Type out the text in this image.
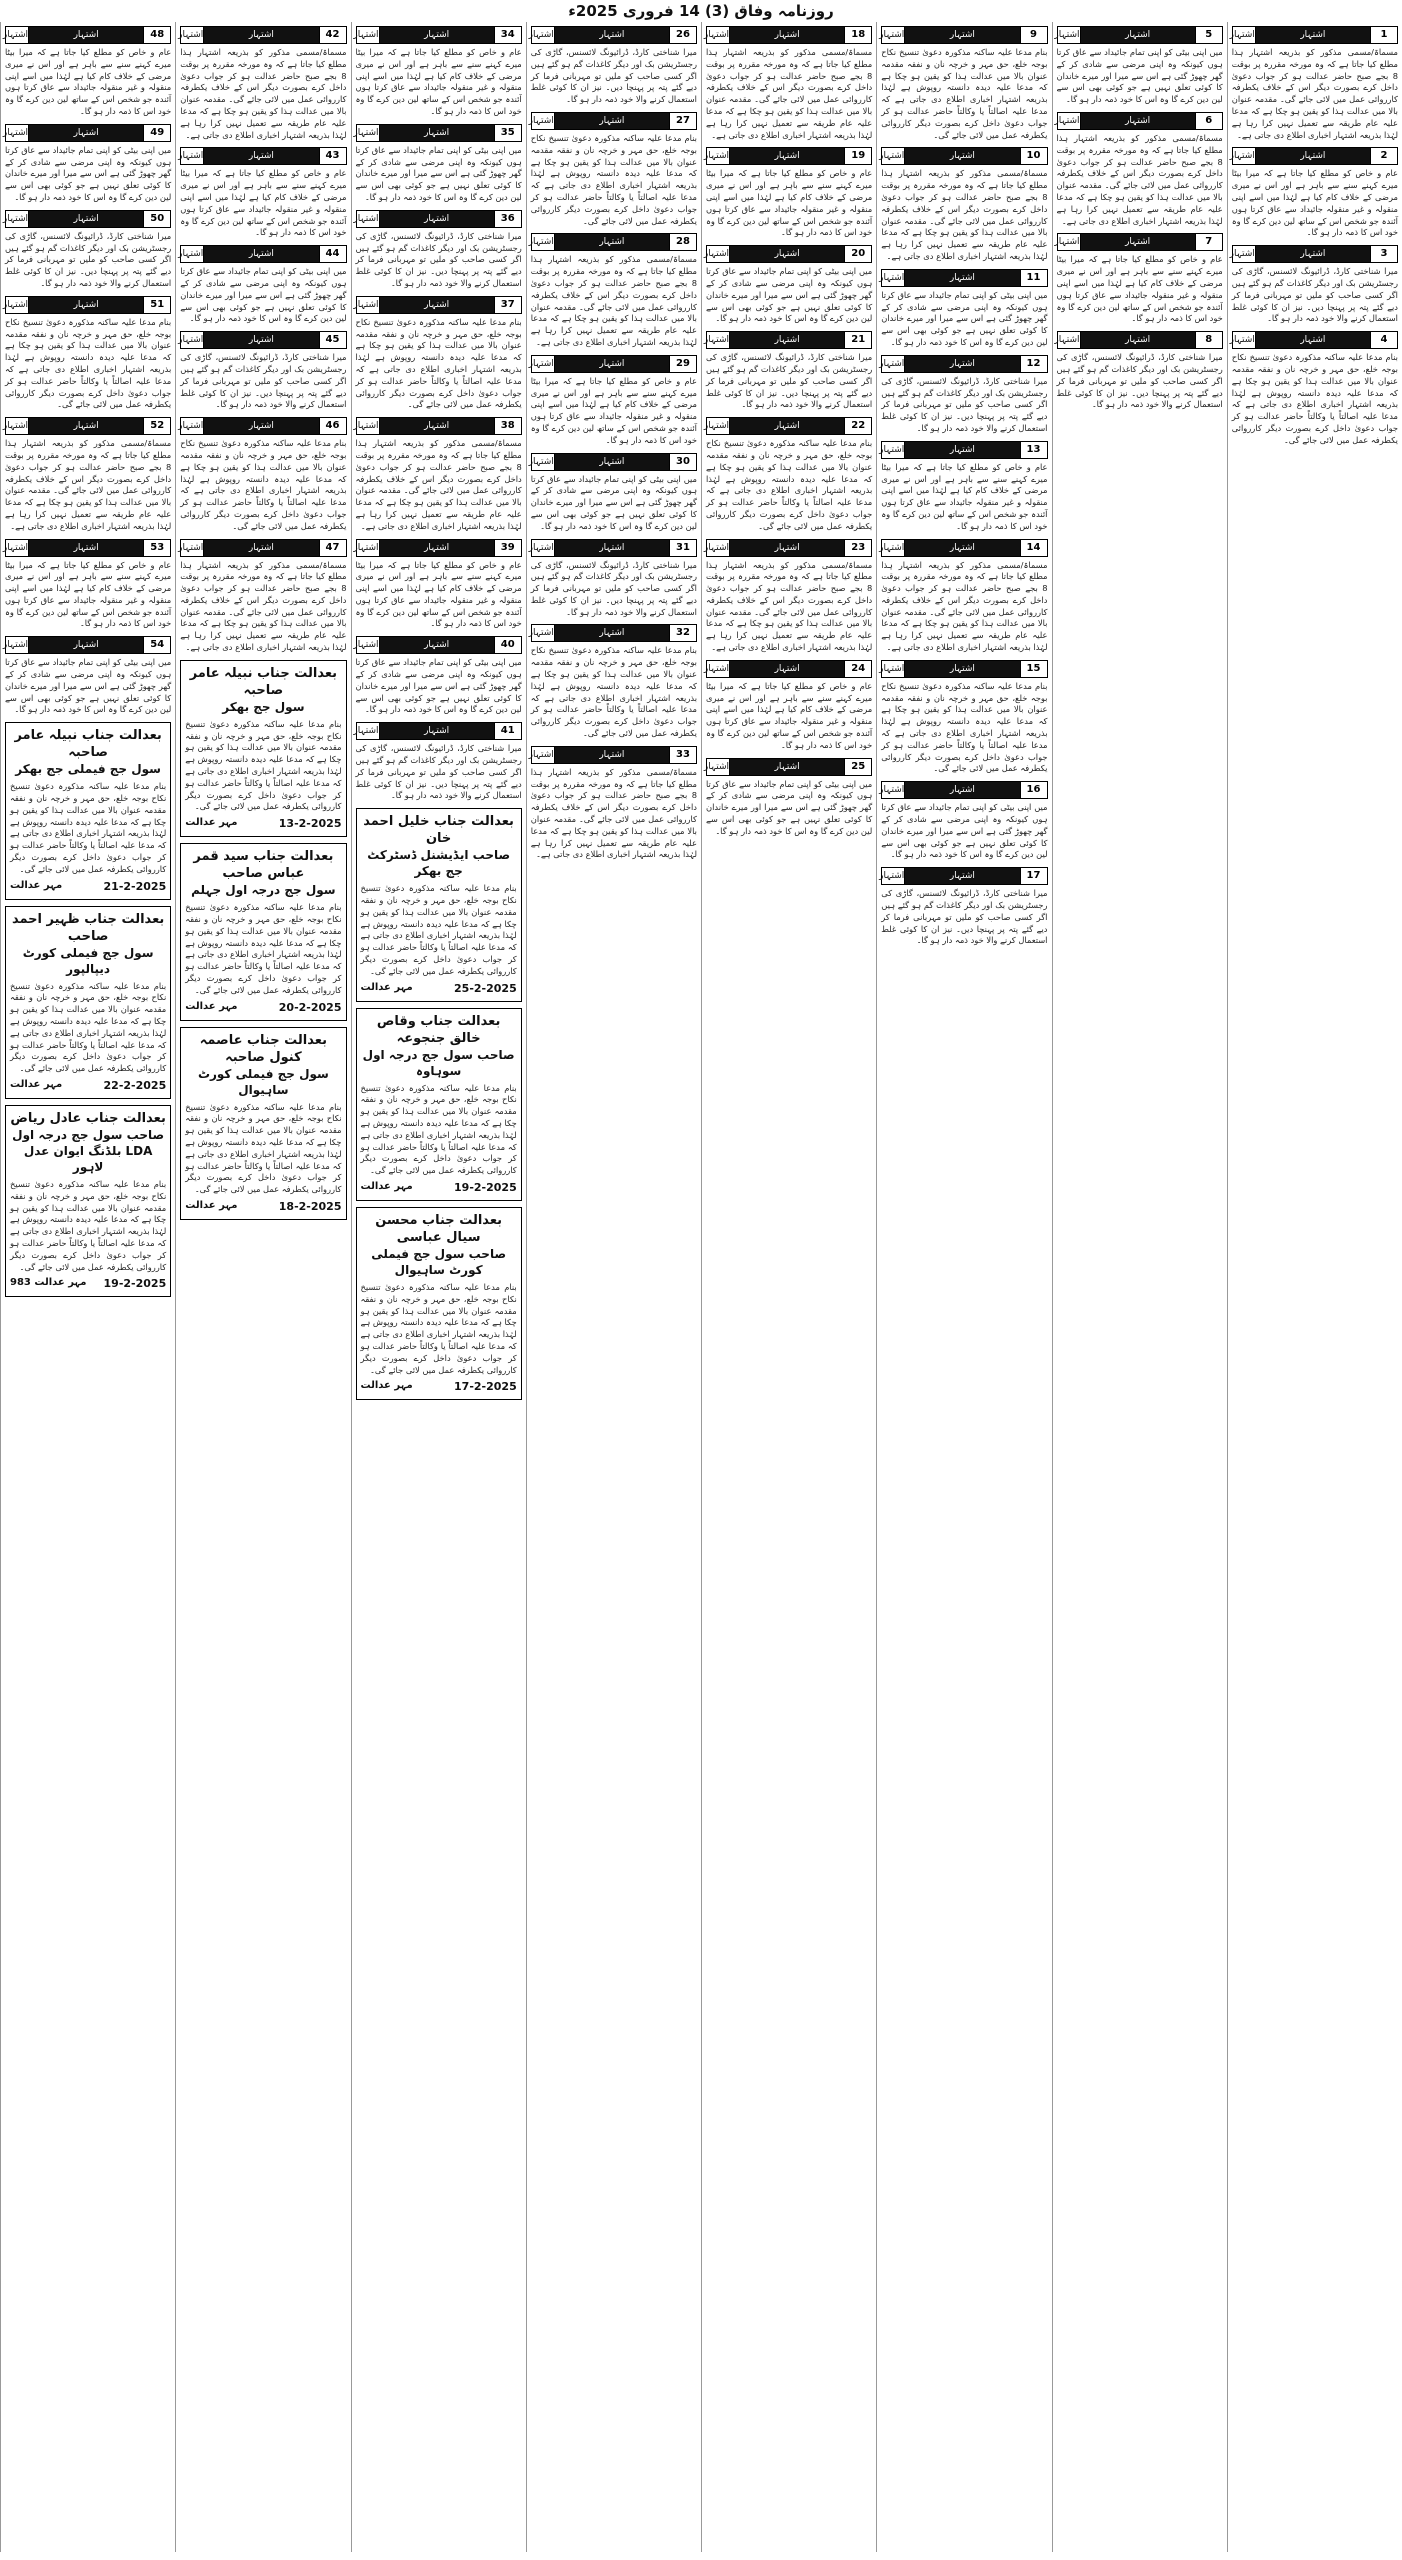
روزنامہ وفاق (3) 14 فروری 2025ء
1
اشتہار
اشتہار
مسماۃ/مسمی مذکور کو بذریعہ اشتہار ہذا مطلع کیا جاتا ہے کہ وہ مورخہ مقررہ پر بوقت 8 بجے صبح حاضر عدالت ہو کر جواب دعویٰ داخل کرے بصورت دیگر اس کے خلاف یکطرفہ کارروائی عمل میں لائی جائے گی۔ مقدمہ عنوان بالا میں عدالت ہذا کو یقین ہو چکا ہے کہ مدعا علیہ عام طریقہ سے تعمیل نہیں کرا رہا ہے لہٰذا بذریعہ اشتہار اخباری اطلاع دی جاتی ہے۔
2
اشتہار
اشتہار
عام و خاص کو مطلع کیا جاتا ہے کہ میرا بیٹا میرے کہنے سنے سے باہر ہے اور اس نے میری مرضی کے خلاف کام کیا ہے لہٰذا میں اسے اپنی منقولہ و غیر منقولہ جائیداد سے عاق کرتا ہوں آئندہ جو شخص اس کے ساتھ لین دین کرے گا وہ خود اس کا ذمہ دار ہو گا۔
3
اشتہار
اشتہار
میرا شناختی کارڈ، ڈرائیونگ لائسنس، گاڑی کی رجسٹریشن بک اور دیگر کاغذات گم ہو گئے ہیں اگر کسی صاحب کو ملیں تو مہربانی فرما کر دیے گئے پتہ پر پہنچا دیں۔ نیز ان کا کوئی غلط استعمال کرنے والا خود ذمہ دار ہو گا۔
4
اشتہار
اشتہار
بنام مدعا علیہ ساکنہ مذکورہ دعویٰ تنسیخ نکاح بوجہ خلع، حق مہر و خرچہ نان و نفقہ مقدمہ عنوان بالا میں عدالت ہذا کو یقین ہو چکا ہے کہ مدعا علیہ دیدہ دانستہ روپوش ہے لہٰذا بذریعہ اشتہار اخباری اطلاع دی جاتی ہے کہ مدعا علیہ اصالتاً یا وکالتاً حاضر عدالت ہو کر جواب دعویٰ داخل کرے بصورت دیگر کارروائی یکطرفہ عمل میں لائی جائے گی۔
5
اشتہار
اشتہار
میں اپنی بیٹی کو اپنی تمام جائیداد سے عاق کرتا ہوں کیونکہ وہ اپنی مرضی سے شادی کر کے گھر چھوڑ گئی ہے اس سے میرا اور میرے خاندان کا کوئی تعلق نہیں ہے جو کوئی بھی اس سے لین دین کرے گا وہ اس کا خود ذمہ دار ہو گا۔
6
اشتہار
اشتہار
مسماۃ/مسمی مذکور کو بذریعہ اشتہار ہذا مطلع کیا جاتا ہے کہ وہ مورخہ مقررہ پر بوقت 8 بجے صبح حاضر عدالت ہو کر جواب دعویٰ داخل کرے بصورت دیگر اس کے خلاف یکطرفہ کارروائی عمل میں لائی جائے گی۔ مقدمہ عنوان بالا میں عدالت ہذا کو یقین ہو چکا ہے کہ مدعا علیہ عام طریقہ سے تعمیل نہیں کرا رہا ہے لہٰذا بذریعہ اشتہار اخباری اطلاع دی جاتی ہے۔
7
اشتہار
اشتہار
عام و خاص کو مطلع کیا جاتا ہے کہ میرا بیٹا میرے کہنے سنے سے باہر ہے اور اس نے میری مرضی کے خلاف کام کیا ہے لہٰذا میں اسے اپنی منقولہ و غیر منقولہ جائیداد سے عاق کرتا ہوں آئندہ جو شخص اس کے ساتھ لین دین کرے گا وہ خود اس کا ذمہ دار ہو گا۔
8
اشتہار
اشتہار
میرا شناختی کارڈ، ڈرائیونگ لائسنس، گاڑی کی رجسٹریشن بک اور دیگر کاغذات گم ہو گئے ہیں اگر کسی صاحب کو ملیں تو مہربانی فرما کر دیے گئے پتہ پر پہنچا دیں۔ نیز ان کا کوئی غلط استعمال کرنے والا خود ذمہ دار ہو گا۔
9
اشتہار
اشتہار
بنام مدعا علیہ ساکنہ مذکورہ دعویٰ تنسیخ نکاح بوجہ خلع، حق مہر و خرچہ نان و نفقہ مقدمہ عنوان بالا میں عدالت ہذا کو یقین ہو چکا ہے کہ مدعا علیہ دیدہ دانستہ روپوش ہے لہٰذا بذریعہ اشتہار اخباری اطلاع دی جاتی ہے کہ مدعا علیہ اصالتاً یا وکالتاً حاضر عدالت ہو کر جواب دعویٰ داخل کرے بصورت دیگر کارروائی یکطرفہ عمل میں لائی جائے گی۔
10
اشتہار
اشتہار
مسماۃ/مسمی مذکور کو بذریعہ اشتہار ہذا مطلع کیا جاتا ہے کہ وہ مورخہ مقررہ پر بوقت 8 بجے صبح حاضر عدالت ہو کر جواب دعویٰ داخل کرے بصورت دیگر اس کے خلاف یکطرفہ کارروائی عمل میں لائی جائے گی۔ مقدمہ عنوان بالا میں عدالت ہذا کو یقین ہو چکا ہے کہ مدعا علیہ عام طریقہ سے تعمیل نہیں کرا رہا ہے لہٰذا بذریعہ اشتہار اخباری اطلاع دی جاتی ہے۔
11
اشتہار
اشتہار
میں اپنی بیٹی کو اپنی تمام جائیداد سے عاق کرتا ہوں کیونکہ وہ اپنی مرضی سے شادی کر کے گھر چھوڑ گئی ہے اس سے میرا اور میرے خاندان کا کوئی تعلق نہیں ہے جو کوئی بھی اس سے لین دین کرے گا وہ اس کا خود ذمہ دار ہو گا۔
12
اشتہار
اشتہار
میرا شناختی کارڈ، ڈرائیونگ لائسنس، گاڑی کی رجسٹریشن بک اور دیگر کاغذات گم ہو گئے ہیں اگر کسی صاحب کو ملیں تو مہربانی فرما کر دیے گئے پتہ پر پہنچا دیں۔ نیز ان کا کوئی غلط استعمال کرنے والا خود ذمہ دار ہو گا۔
13
اشتہار
اشتہار
عام و خاص کو مطلع کیا جاتا ہے کہ میرا بیٹا میرے کہنے سنے سے باہر ہے اور اس نے میری مرضی کے خلاف کام کیا ہے لہٰذا میں اسے اپنی منقولہ و غیر منقولہ جائیداد سے عاق کرتا ہوں آئندہ جو شخص اس کے ساتھ لین دین کرے گا وہ خود اس کا ذمہ دار ہو گا۔
14
اشتہار
اشتہار
مسماۃ/مسمی مذکور کو بذریعہ اشتہار ہذا مطلع کیا جاتا ہے کہ وہ مورخہ مقررہ پر بوقت 8 بجے صبح حاضر عدالت ہو کر جواب دعویٰ داخل کرے بصورت دیگر اس کے خلاف یکطرفہ کارروائی عمل میں لائی جائے گی۔ مقدمہ عنوان بالا میں عدالت ہذا کو یقین ہو چکا ہے کہ مدعا علیہ عام طریقہ سے تعمیل نہیں کرا رہا ہے لہٰذا بذریعہ اشتہار اخباری اطلاع دی جاتی ہے۔
15
اشتہار
اشتہار
بنام مدعا علیہ ساکنہ مذکورہ دعویٰ تنسیخ نکاح بوجہ خلع، حق مہر و خرچہ نان و نفقہ مقدمہ عنوان بالا میں عدالت ہذا کو یقین ہو چکا ہے کہ مدعا علیہ دیدہ دانستہ روپوش ہے لہٰذا بذریعہ اشتہار اخباری اطلاع دی جاتی ہے کہ مدعا علیہ اصالتاً یا وکالتاً حاضر عدالت ہو کر جواب دعویٰ داخل کرے بصورت دیگر کارروائی یکطرفہ عمل میں لائی جائے گی۔
16
اشتہار
اشتہار
میں اپنی بیٹی کو اپنی تمام جائیداد سے عاق کرتا ہوں کیونکہ وہ اپنی مرضی سے شادی کر کے گھر چھوڑ گئی ہے اس سے میرا اور میرے خاندان کا کوئی تعلق نہیں ہے جو کوئی بھی اس سے لین دین کرے گا وہ اس کا خود ذمہ دار ہو گا۔
17
اشتہار
اشتہار
میرا شناختی کارڈ، ڈرائیونگ لائسنس، گاڑی کی رجسٹریشن بک اور دیگر کاغذات گم ہو گئے ہیں اگر کسی صاحب کو ملیں تو مہربانی فرما کر دیے گئے پتہ پر پہنچا دیں۔ نیز ان کا کوئی غلط استعمال کرنے والا خود ذمہ دار ہو گا۔
18
اشتہار
اشتہار
مسماۃ/مسمی مذکور کو بذریعہ اشتہار ہذا مطلع کیا جاتا ہے کہ وہ مورخہ مقررہ پر بوقت 8 بجے صبح حاضر عدالت ہو کر جواب دعویٰ داخل کرے بصورت دیگر اس کے خلاف یکطرفہ کارروائی عمل میں لائی جائے گی۔ مقدمہ عنوان بالا میں عدالت ہذا کو یقین ہو چکا ہے کہ مدعا علیہ عام طریقہ سے تعمیل نہیں کرا رہا ہے لہٰذا بذریعہ اشتہار اخباری اطلاع دی جاتی ہے۔
19
اشتہار
اشتہار
عام و خاص کو مطلع کیا جاتا ہے کہ میرا بیٹا میرے کہنے سنے سے باہر ہے اور اس نے میری مرضی کے خلاف کام کیا ہے لہٰذا میں اسے اپنی منقولہ و غیر منقولہ جائیداد سے عاق کرتا ہوں آئندہ جو شخص اس کے ساتھ لین دین کرے گا وہ خود اس کا ذمہ دار ہو گا۔
20
اشتہار
اشتہار
میں اپنی بیٹی کو اپنی تمام جائیداد سے عاق کرتا ہوں کیونکہ وہ اپنی مرضی سے شادی کر کے گھر چھوڑ گئی ہے اس سے میرا اور میرے خاندان کا کوئی تعلق نہیں ہے جو کوئی بھی اس سے لین دین کرے گا وہ اس کا خود ذمہ دار ہو گا۔
21
اشتہار
اشتہار
میرا شناختی کارڈ، ڈرائیونگ لائسنس، گاڑی کی رجسٹریشن بک اور دیگر کاغذات گم ہو گئے ہیں اگر کسی صاحب کو ملیں تو مہربانی فرما کر دیے گئے پتہ پر پہنچا دیں۔ نیز ان کا کوئی غلط استعمال کرنے والا خود ذمہ دار ہو گا۔
22
اشتہار
اشتہار
بنام مدعا علیہ ساکنہ مذکورہ دعویٰ تنسیخ نکاح بوجہ خلع، حق مہر و خرچہ نان و نفقہ مقدمہ عنوان بالا میں عدالت ہذا کو یقین ہو چکا ہے کہ مدعا علیہ دیدہ دانستہ روپوش ہے لہٰذا بذریعہ اشتہار اخباری اطلاع دی جاتی ہے کہ مدعا علیہ اصالتاً یا وکالتاً حاضر عدالت ہو کر جواب دعویٰ داخل کرے بصورت دیگر کارروائی یکطرفہ عمل میں لائی جائے گی۔
23
اشتہار
اشتہار
مسماۃ/مسمی مذکور کو بذریعہ اشتہار ہذا مطلع کیا جاتا ہے کہ وہ مورخہ مقررہ پر بوقت 8 بجے صبح حاضر عدالت ہو کر جواب دعویٰ داخل کرے بصورت دیگر اس کے خلاف یکطرفہ کارروائی عمل میں لائی جائے گی۔ مقدمہ عنوان بالا میں عدالت ہذا کو یقین ہو چکا ہے کہ مدعا علیہ عام طریقہ سے تعمیل نہیں کرا رہا ہے لہٰذا بذریعہ اشتہار اخباری اطلاع دی جاتی ہے۔
24
اشتہار
اشتہار
عام و خاص کو مطلع کیا جاتا ہے کہ میرا بیٹا میرے کہنے سنے سے باہر ہے اور اس نے میری مرضی کے خلاف کام کیا ہے لہٰذا میں اسے اپنی منقولہ و غیر منقولہ جائیداد سے عاق کرتا ہوں آئندہ جو شخص اس کے ساتھ لین دین کرے گا وہ خود اس کا ذمہ دار ہو گا۔
25
اشتہار
اشتہار
میں اپنی بیٹی کو اپنی تمام جائیداد سے عاق کرتا ہوں کیونکہ وہ اپنی مرضی سے شادی کر کے گھر چھوڑ گئی ہے اس سے میرا اور میرے خاندان کا کوئی تعلق نہیں ہے جو کوئی بھی اس سے لین دین کرے گا وہ اس کا خود ذمہ دار ہو گا۔
26
اشتہار
اشتہار
میرا شناختی کارڈ، ڈرائیونگ لائسنس، گاڑی کی رجسٹریشن بک اور دیگر کاغذات گم ہو گئے ہیں اگر کسی صاحب کو ملیں تو مہربانی فرما کر دیے گئے پتہ پر پہنچا دیں۔ نیز ان کا کوئی غلط استعمال کرنے والا خود ذمہ دار ہو گا۔
27
اشتہار
اشتہار
بنام مدعا علیہ ساکنہ مذکورہ دعویٰ تنسیخ نکاح بوجہ خلع، حق مہر و خرچہ نان و نفقہ مقدمہ عنوان بالا میں عدالت ہذا کو یقین ہو چکا ہے کہ مدعا علیہ دیدہ دانستہ روپوش ہے لہٰذا بذریعہ اشتہار اخباری اطلاع دی جاتی ہے کہ مدعا علیہ اصالتاً یا وکالتاً حاضر عدالت ہو کر جواب دعویٰ داخل کرے بصورت دیگر کارروائی یکطرفہ عمل میں لائی جائے گی۔
28
اشتہار
اشتہار
مسماۃ/مسمی مذکور کو بذریعہ اشتہار ہذا مطلع کیا جاتا ہے کہ وہ مورخہ مقررہ پر بوقت 8 بجے صبح حاضر عدالت ہو کر جواب دعویٰ داخل کرے بصورت دیگر اس کے خلاف یکطرفہ کارروائی عمل میں لائی جائے گی۔ مقدمہ عنوان بالا میں عدالت ہذا کو یقین ہو چکا ہے کہ مدعا علیہ عام طریقہ سے تعمیل نہیں کرا رہا ہے لہٰذا بذریعہ اشتہار اخباری اطلاع دی جاتی ہے۔
29
اشتہار
اشتہار
عام و خاص کو مطلع کیا جاتا ہے کہ میرا بیٹا میرے کہنے سنے سے باہر ہے اور اس نے میری مرضی کے خلاف کام کیا ہے لہٰذا میں اسے اپنی منقولہ و غیر منقولہ جائیداد سے عاق کرتا ہوں آئندہ جو شخص اس کے ساتھ لین دین کرے گا وہ خود اس کا ذمہ دار ہو گا۔
30
اشتہار
اشتہار
میں اپنی بیٹی کو اپنی تمام جائیداد سے عاق کرتا ہوں کیونکہ وہ اپنی مرضی سے شادی کر کے گھر چھوڑ گئی ہے اس سے میرا اور میرے خاندان کا کوئی تعلق نہیں ہے جو کوئی بھی اس سے لین دین کرے گا وہ اس کا خود ذمہ دار ہو گا۔
31
اشتہار
اشتہار
میرا شناختی کارڈ، ڈرائیونگ لائسنس، گاڑی کی رجسٹریشن بک اور دیگر کاغذات گم ہو گئے ہیں اگر کسی صاحب کو ملیں تو مہربانی فرما کر دیے گئے پتہ پر پہنچا دیں۔ نیز ان کا کوئی غلط استعمال کرنے والا خود ذمہ دار ہو گا۔
32
اشتہار
اشتہار
بنام مدعا علیہ ساکنہ مذکورہ دعویٰ تنسیخ نکاح بوجہ خلع، حق مہر و خرچہ نان و نفقہ مقدمہ عنوان بالا میں عدالت ہذا کو یقین ہو چکا ہے کہ مدعا علیہ دیدہ دانستہ روپوش ہے لہٰذا بذریعہ اشتہار اخباری اطلاع دی جاتی ہے کہ مدعا علیہ اصالتاً یا وکالتاً حاضر عدالت ہو کر جواب دعویٰ داخل کرے بصورت دیگر کارروائی یکطرفہ عمل میں لائی جائے گی۔
33
اشتہار
اشتہار
مسماۃ/مسمی مذکور کو بذریعہ اشتہار ہذا مطلع کیا جاتا ہے کہ وہ مورخہ مقررہ پر بوقت 8 بجے صبح حاضر عدالت ہو کر جواب دعویٰ داخل کرے بصورت دیگر اس کے خلاف یکطرفہ کارروائی عمل میں لائی جائے گی۔ مقدمہ عنوان بالا میں عدالت ہذا کو یقین ہو چکا ہے کہ مدعا علیہ عام طریقہ سے تعمیل نہیں کرا رہا ہے لہٰذا بذریعہ اشتہار اخباری اطلاع دی جاتی ہے۔
34
اشتہار
اشتہار
عام و خاص کو مطلع کیا جاتا ہے کہ میرا بیٹا میرے کہنے سنے سے باہر ہے اور اس نے میری مرضی کے خلاف کام کیا ہے لہٰذا میں اسے اپنی منقولہ و غیر منقولہ جائیداد سے عاق کرتا ہوں آئندہ جو شخص اس کے ساتھ لین دین کرے گا وہ خود اس کا ذمہ دار ہو گا۔
35
اشتہار
اشتہار
میں اپنی بیٹی کو اپنی تمام جائیداد سے عاق کرتا ہوں کیونکہ وہ اپنی مرضی سے شادی کر کے گھر چھوڑ گئی ہے اس سے میرا اور میرے خاندان کا کوئی تعلق نہیں ہے جو کوئی بھی اس سے لین دین کرے گا وہ اس کا خود ذمہ دار ہو گا۔
36
اشتہار
اشتہار
میرا شناختی کارڈ، ڈرائیونگ لائسنس، گاڑی کی رجسٹریشن بک اور دیگر کاغذات گم ہو گئے ہیں اگر کسی صاحب کو ملیں تو مہربانی فرما کر دیے گئے پتہ پر پہنچا دیں۔ نیز ان کا کوئی غلط استعمال کرنے والا خود ذمہ دار ہو گا۔
37
اشتہار
اشتہار
بنام مدعا علیہ ساکنہ مذکورہ دعویٰ تنسیخ نکاح بوجہ خلع، حق مہر و خرچہ نان و نفقہ مقدمہ عنوان بالا میں عدالت ہذا کو یقین ہو چکا ہے کہ مدعا علیہ دیدہ دانستہ روپوش ہے لہٰذا بذریعہ اشتہار اخباری اطلاع دی جاتی ہے کہ مدعا علیہ اصالتاً یا وکالتاً حاضر عدالت ہو کر جواب دعویٰ داخل کرے بصورت دیگر کارروائی یکطرفہ عمل میں لائی جائے گی۔
38
اشتہار
اشتہار
مسماۃ/مسمی مذکور کو بذریعہ اشتہار ہذا مطلع کیا جاتا ہے کہ وہ مورخہ مقررہ پر بوقت 8 بجے صبح حاضر عدالت ہو کر جواب دعویٰ داخل کرے بصورت دیگر اس کے خلاف یکطرفہ کارروائی عمل میں لائی جائے گی۔ مقدمہ عنوان بالا میں عدالت ہذا کو یقین ہو چکا ہے کہ مدعا علیہ عام طریقہ سے تعمیل نہیں کرا رہا ہے لہٰذا بذریعہ اشتہار اخباری اطلاع دی جاتی ہے۔
39
اشتہار
اشتہار
عام و خاص کو مطلع کیا جاتا ہے کہ میرا بیٹا میرے کہنے سنے سے باہر ہے اور اس نے میری مرضی کے خلاف کام کیا ہے لہٰذا میں اسے اپنی منقولہ و غیر منقولہ جائیداد سے عاق کرتا ہوں آئندہ جو شخص اس کے ساتھ لین دین کرے گا وہ خود اس کا ذمہ دار ہو گا۔
40
اشتہار
اشتہار
میں اپنی بیٹی کو اپنی تمام جائیداد سے عاق کرتا ہوں کیونکہ وہ اپنی مرضی سے شادی کر کے گھر چھوڑ گئی ہے اس سے میرا اور میرے خاندان کا کوئی تعلق نہیں ہے جو کوئی بھی اس سے لین دین کرے گا وہ اس کا خود ذمہ دار ہو گا۔
41
اشتہار
اشتہار
میرا شناختی کارڈ، ڈرائیونگ لائسنس، گاڑی کی رجسٹریشن بک اور دیگر کاغذات گم ہو گئے ہیں اگر کسی صاحب کو ملیں تو مہربانی فرما کر دیے گئے پتہ پر پہنچا دیں۔ نیز ان کا کوئی غلط استعمال کرنے والا خود ذمہ دار ہو گا۔
بعدالت جناب خلیل احمد خان
صاحب ایڈیشنل ڈسٹرکٹ جج بھکر
بنام مدعا علیہ ساکنہ مذکورہ دعویٰ تنسیخ نکاح بوجہ خلع، حق مہر و خرچہ نان و نفقہ مقدمہ عنوان بالا میں عدالت ہذا کو یقین ہو چکا ہے کہ مدعا علیہ دیدہ دانستہ روپوش ہے لہٰذا بذریعہ اشتہار اخباری اطلاع دی جاتی ہے کہ مدعا علیہ اصالتاً یا وکالتاً حاضر عدالت ہو کر جواب دعویٰ داخل کرے بصورت دیگر کارروائی یکطرفہ عمل میں لائی جائے گی۔
25-2-2025
مہر عدالت
بعدالت جناب وقاص خالق جنجوعہ
صاحب سول جج درجہ اول سوہاوہ
بنام مدعا علیہ ساکنہ مذکورہ دعویٰ تنسیخ نکاح بوجہ خلع، حق مہر و خرچہ نان و نفقہ مقدمہ عنوان بالا میں عدالت ہذا کو یقین ہو چکا ہے کہ مدعا علیہ دیدہ دانستہ روپوش ہے لہٰذا بذریعہ اشتہار اخباری اطلاع دی جاتی ہے کہ مدعا علیہ اصالتاً یا وکالتاً حاضر عدالت ہو کر جواب دعویٰ داخل کرے بصورت دیگر کارروائی یکطرفہ عمل میں لائی جائے گی۔
19-2-2025
مہر عدالت
بعدالت جناب محسن سیال عباسی
صاحب سول جج فیملی کورٹ ساہیوال
بنام مدعا علیہ ساکنہ مذکورہ دعویٰ تنسیخ نکاح بوجہ خلع، حق مہر و خرچہ نان و نفقہ مقدمہ عنوان بالا میں عدالت ہذا کو یقین ہو چکا ہے کہ مدعا علیہ دیدہ دانستہ روپوش ہے لہٰذا بذریعہ اشتہار اخباری اطلاع دی جاتی ہے کہ مدعا علیہ اصالتاً یا وکالتاً حاضر عدالت ہو کر جواب دعویٰ داخل کرے بصورت دیگر کارروائی یکطرفہ عمل میں لائی جائے گی۔
17-2-2025
مہر عدالت
42
اشتہار
اشتہار
مسماۃ/مسمی مذکور کو بذریعہ اشتہار ہذا مطلع کیا جاتا ہے کہ وہ مورخہ مقررہ پر بوقت 8 بجے صبح حاضر عدالت ہو کر جواب دعویٰ داخل کرے بصورت دیگر اس کے خلاف یکطرفہ کارروائی عمل میں لائی جائے گی۔ مقدمہ عنوان بالا میں عدالت ہذا کو یقین ہو چکا ہے کہ مدعا علیہ عام طریقہ سے تعمیل نہیں کرا رہا ہے لہٰذا بذریعہ اشتہار اخباری اطلاع دی جاتی ہے۔
43
اشتہار
اشتہار
عام و خاص کو مطلع کیا جاتا ہے کہ میرا بیٹا میرے کہنے سنے سے باہر ہے اور اس نے میری مرضی کے خلاف کام کیا ہے لہٰذا میں اسے اپنی منقولہ و غیر منقولہ جائیداد سے عاق کرتا ہوں آئندہ جو شخص اس کے ساتھ لین دین کرے گا وہ خود اس کا ذمہ دار ہو گا۔
44
اشتہار
اشتہار
میں اپنی بیٹی کو اپنی تمام جائیداد سے عاق کرتا ہوں کیونکہ وہ اپنی مرضی سے شادی کر کے گھر چھوڑ گئی ہے اس سے میرا اور میرے خاندان کا کوئی تعلق نہیں ہے جو کوئی بھی اس سے لین دین کرے گا وہ اس کا خود ذمہ دار ہو گا۔
45
اشتہار
اشتہار
میرا شناختی کارڈ، ڈرائیونگ لائسنس، گاڑی کی رجسٹریشن بک اور دیگر کاغذات گم ہو گئے ہیں اگر کسی صاحب کو ملیں تو مہربانی فرما کر دیے گئے پتہ پر پہنچا دیں۔ نیز ان کا کوئی غلط استعمال کرنے والا خود ذمہ دار ہو گا۔
46
اشتہار
اشتہار
بنام مدعا علیہ ساکنہ مذکورہ دعویٰ تنسیخ نکاح بوجہ خلع، حق مہر و خرچہ نان و نفقہ مقدمہ عنوان بالا میں عدالت ہذا کو یقین ہو چکا ہے کہ مدعا علیہ دیدہ دانستہ روپوش ہے لہٰذا بذریعہ اشتہار اخباری اطلاع دی جاتی ہے کہ مدعا علیہ اصالتاً یا وکالتاً حاضر عدالت ہو کر جواب دعویٰ داخل کرے بصورت دیگر کارروائی یکطرفہ عمل میں لائی جائے گی۔
47
اشتہار
اشتہار
مسماۃ/مسمی مذکور کو بذریعہ اشتہار ہذا مطلع کیا جاتا ہے کہ وہ مورخہ مقررہ پر بوقت 8 بجے صبح حاضر عدالت ہو کر جواب دعویٰ داخل کرے بصورت دیگر اس کے خلاف یکطرفہ کارروائی عمل میں لائی جائے گی۔ مقدمہ عنوان بالا میں عدالت ہذا کو یقین ہو چکا ہے کہ مدعا علیہ عام طریقہ سے تعمیل نہیں کرا رہا ہے لہٰذا بذریعہ اشتہار اخباری اطلاع دی جاتی ہے۔
بعدالت جناب نبیلہ عامر صاحبہ
سول جج بھکر
بنام مدعا علیہ ساکنہ مذکورہ دعویٰ تنسیخ نکاح بوجہ خلع، حق مہر و خرچہ نان و نفقہ مقدمہ عنوان بالا میں عدالت ہذا کو یقین ہو چکا ہے کہ مدعا علیہ دیدہ دانستہ روپوش ہے لہٰذا بذریعہ اشتہار اخباری اطلاع دی جاتی ہے کہ مدعا علیہ اصالتاً یا وکالتاً حاضر عدالت ہو کر جواب دعویٰ داخل کرے بصورت دیگر کارروائی یکطرفہ عمل میں لائی جائے گی۔
13-2-2025
مہر عدالت
بعدالت جناب سید قمر عباس صاحب
سول جج درجہ اول جہلم
بنام مدعا علیہ ساکنہ مذکورہ دعویٰ تنسیخ نکاح بوجہ خلع، حق مہر و خرچہ نان و نفقہ مقدمہ عنوان بالا میں عدالت ہذا کو یقین ہو چکا ہے کہ مدعا علیہ دیدہ دانستہ روپوش ہے لہٰذا بذریعہ اشتہار اخباری اطلاع دی جاتی ہے کہ مدعا علیہ اصالتاً یا وکالتاً حاضر عدالت ہو کر جواب دعویٰ داخل کرے بصورت دیگر کارروائی یکطرفہ عمل میں لائی جائے گی۔
20-2-2025
مہر عدالت
بعدالت جناب عاصمہ کنول صاحبہ
سول جج فیملی کورٹ ساہیوال
بنام مدعا علیہ ساکنہ مذکورہ دعویٰ تنسیخ نکاح بوجہ خلع، حق مہر و خرچہ نان و نفقہ مقدمہ عنوان بالا میں عدالت ہذا کو یقین ہو چکا ہے کہ مدعا علیہ دیدہ دانستہ روپوش ہے لہٰذا بذریعہ اشتہار اخباری اطلاع دی جاتی ہے کہ مدعا علیہ اصالتاً یا وکالتاً حاضر عدالت ہو کر جواب دعویٰ داخل کرے بصورت دیگر کارروائی یکطرفہ عمل میں لائی جائے گی۔
18-2-2025
مہر عدالت
48
اشتہار
اشتہار
عام و خاص کو مطلع کیا جاتا ہے کہ میرا بیٹا میرے کہنے سنے سے باہر ہے اور اس نے میری مرضی کے خلاف کام کیا ہے لہٰذا میں اسے اپنی منقولہ و غیر منقولہ جائیداد سے عاق کرتا ہوں آئندہ جو شخص اس کے ساتھ لین دین کرے گا وہ خود اس کا ذمہ دار ہو گا۔
49
اشتہار
اشتہار
میں اپنی بیٹی کو اپنی تمام جائیداد سے عاق کرتا ہوں کیونکہ وہ اپنی مرضی سے شادی کر کے گھر چھوڑ گئی ہے اس سے میرا اور میرے خاندان کا کوئی تعلق نہیں ہے جو کوئی بھی اس سے لین دین کرے گا وہ اس کا خود ذمہ دار ہو گا۔
50
اشتہار
اشتہار
میرا شناختی کارڈ، ڈرائیونگ لائسنس، گاڑی کی رجسٹریشن بک اور دیگر کاغذات گم ہو گئے ہیں اگر کسی صاحب کو ملیں تو مہربانی فرما کر دیے گئے پتہ پر پہنچا دیں۔ نیز ان کا کوئی غلط استعمال کرنے والا خود ذمہ دار ہو گا۔
51
اشتہار
اشتہار
بنام مدعا علیہ ساکنہ مذکورہ دعویٰ تنسیخ نکاح بوجہ خلع، حق مہر و خرچہ نان و نفقہ مقدمہ عنوان بالا میں عدالت ہذا کو یقین ہو چکا ہے کہ مدعا علیہ دیدہ دانستہ روپوش ہے لہٰذا بذریعہ اشتہار اخباری اطلاع دی جاتی ہے کہ مدعا علیہ اصالتاً یا وکالتاً حاضر عدالت ہو کر جواب دعویٰ داخل کرے بصورت دیگر کارروائی یکطرفہ عمل میں لائی جائے گی۔
52
اشتہار
اشتہار
مسماۃ/مسمی مذکور کو بذریعہ اشتہار ہذا مطلع کیا جاتا ہے کہ وہ مورخہ مقررہ پر بوقت 8 بجے صبح حاضر عدالت ہو کر جواب دعویٰ داخل کرے بصورت دیگر اس کے خلاف یکطرفہ کارروائی عمل میں لائی جائے گی۔ مقدمہ عنوان بالا میں عدالت ہذا کو یقین ہو چکا ہے کہ مدعا علیہ عام طریقہ سے تعمیل نہیں کرا رہا ہے لہٰذا بذریعہ اشتہار اخباری اطلاع دی جاتی ہے۔
53
اشتہار
اشتہار
عام و خاص کو مطلع کیا جاتا ہے کہ میرا بیٹا میرے کہنے سنے سے باہر ہے اور اس نے میری مرضی کے خلاف کام کیا ہے لہٰذا میں اسے اپنی منقولہ و غیر منقولہ جائیداد سے عاق کرتا ہوں آئندہ جو شخص اس کے ساتھ لین دین کرے گا وہ خود اس کا ذمہ دار ہو گا۔
54
اشتہار
اشتہار
میں اپنی بیٹی کو اپنی تمام جائیداد سے عاق کرتا ہوں کیونکہ وہ اپنی مرضی سے شادی کر کے گھر چھوڑ گئی ہے اس سے میرا اور میرے خاندان کا کوئی تعلق نہیں ہے جو کوئی بھی اس سے لین دین کرے گا وہ اس کا خود ذمہ دار ہو گا۔
بعدالت جناب نبیلہ عامر صاحبہ
سول جج فیملی جج بھکر
بنام مدعا علیہ ساکنہ مذکورہ دعویٰ تنسیخ نکاح بوجہ خلع، حق مہر و خرچہ نان و نفقہ مقدمہ عنوان بالا میں عدالت ہذا کو یقین ہو چکا ہے کہ مدعا علیہ دیدہ دانستہ روپوش ہے لہٰذا بذریعہ اشتہار اخباری اطلاع دی جاتی ہے کہ مدعا علیہ اصالتاً یا وکالتاً حاضر عدالت ہو کر جواب دعویٰ داخل کرے بصورت دیگر کارروائی یکطرفہ عمل میں لائی جائے گی۔
21-2-2025
مہر عدالت
بعدالت جناب ظہیر احمد صاحب
سول جج فیملی کورٹ دیپالپور
بنام مدعا علیہ ساکنہ مذکورہ دعویٰ تنسیخ نکاح بوجہ خلع، حق مہر و خرچہ نان و نفقہ مقدمہ عنوان بالا میں عدالت ہذا کو یقین ہو چکا ہے کہ مدعا علیہ دیدہ دانستہ روپوش ہے لہٰذا بذریعہ اشتہار اخباری اطلاع دی جاتی ہے کہ مدعا علیہ اصالتاً یا وکالتاً حاضر عدالت ہو کر جواب دعویٰ داخل کرے بصورت دیگر کارروائی یکطرفہ عمل میں لائی جائے گی۔
22-2-2025
مہر عدالت
بعدالت جناب عادل ریاض
صاحب سول جج درجہ اول LDA بلڈنگ ایوان عدل لاہور
بنام مدعا علیہ ساکنہ مذکورہ دعویٰ تنسیخ نکاح بوجہ خلع، حق مہر و خرچہ نان و نفقہ مقدمہ عنوان بالا میں عدالت ہذا کو یقین ہو چکا ہے کہ مدعا علیہ دیدہ دانستہ روپوش ہے لہٰذا بذریعہ اشتہار اخباری اطلاع دی جاتی ہے کہ مدعا علیہ اصالتاً یا وکالتاً حاضر عدالت ہو کر جواب دعویٰ داخل کرے بصورت دیگر کارروائی یکطرفہ عمل میں لائی جائے گی۔
19-2-2025
مہر عدالت 983
